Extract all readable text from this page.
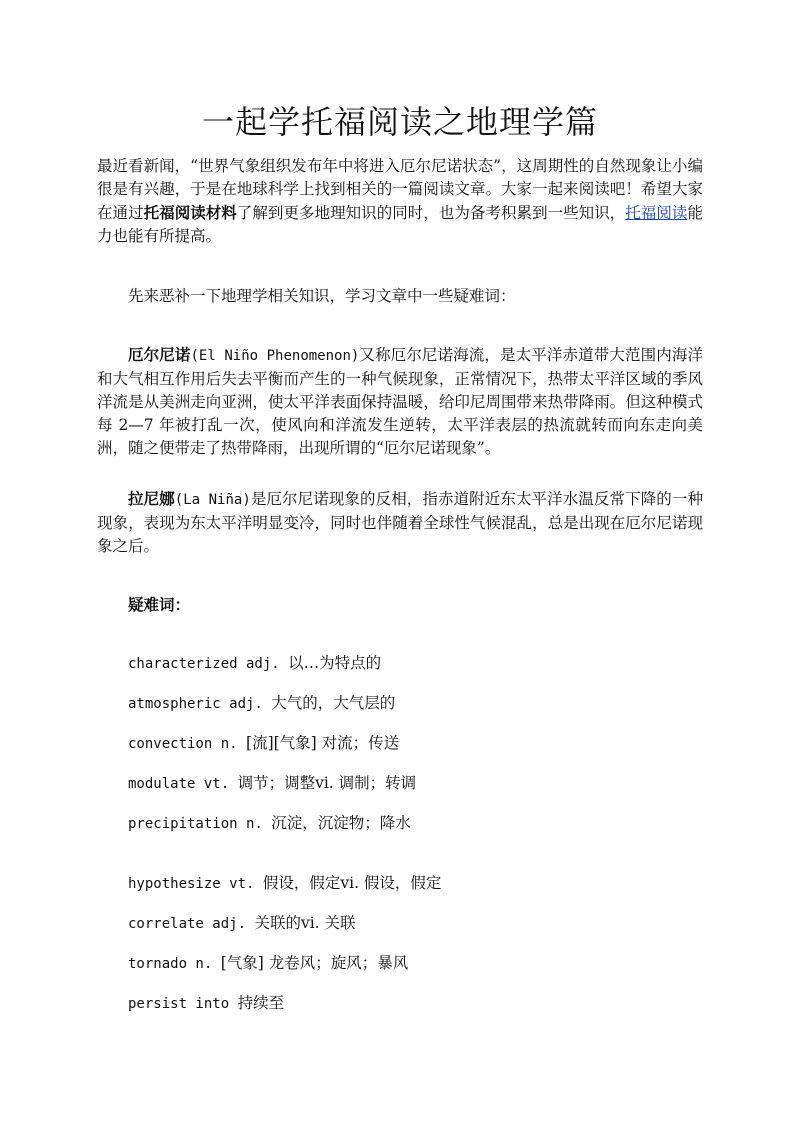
一起学托福阅读之地理学篇

最近看新闻，“世界气象组织发布年中将进入厄尔尼诺状态”，这周期性的自然现象让小编很是有兴趣，于是在地球科学上找到相关的一篇阅读文章。大家一起来阅读吧！希望大家在通过托福阅读材料了解到更多地理知识的同时，也为备考积累到一些知识，托福阅读能力也能有所提高。

先来恶补一下地理学相关知识，学习文章中一些疑难词：

厄尔尼诺(El Niño Phenomenon)又称厄尔尼诺海流，是太平洋赤道带大范围内海洋和大气相互作用后失去平衡而产生的一种气候现象，正常情况下，热带太平洋区域的季风 洋流是从美洲走向亚洲，使太平洋表面保持温暖，给印尼周围带来热带降雨。但这种模式每 2—7 年被打乱一次，使风向和洋流发生逆转，太平洋表层的热流就转而向东走向美洲，随之便带走了热带降雨，出现所谓的“厄尔尼诺现象”。

拉尼娜(La Niña)是厄尔尼诺现象的反相，指赤道附近东太平洋水温反常下降的一种现象，表现为东太平洋明显变冷，同时也伴随着全球性气候混乱，总是出现在厄尔尼诺现象之后。

疑难词：

characterized adj. 以…为特点的

atmospheric adj. 大气的，大气层的

convection n. [流][气象] 对流；传送

modulate vt. 调节；调整vi. 调制；转调

precipitation n. 沉淀，沉淀物；降水

hypothesize vt. 假设，假定vi. 假设，假定

correlate adj. 关联的vi. 关联

tornado n. [气象] 龙卷风；旋风；暴风

persist into 持续至
